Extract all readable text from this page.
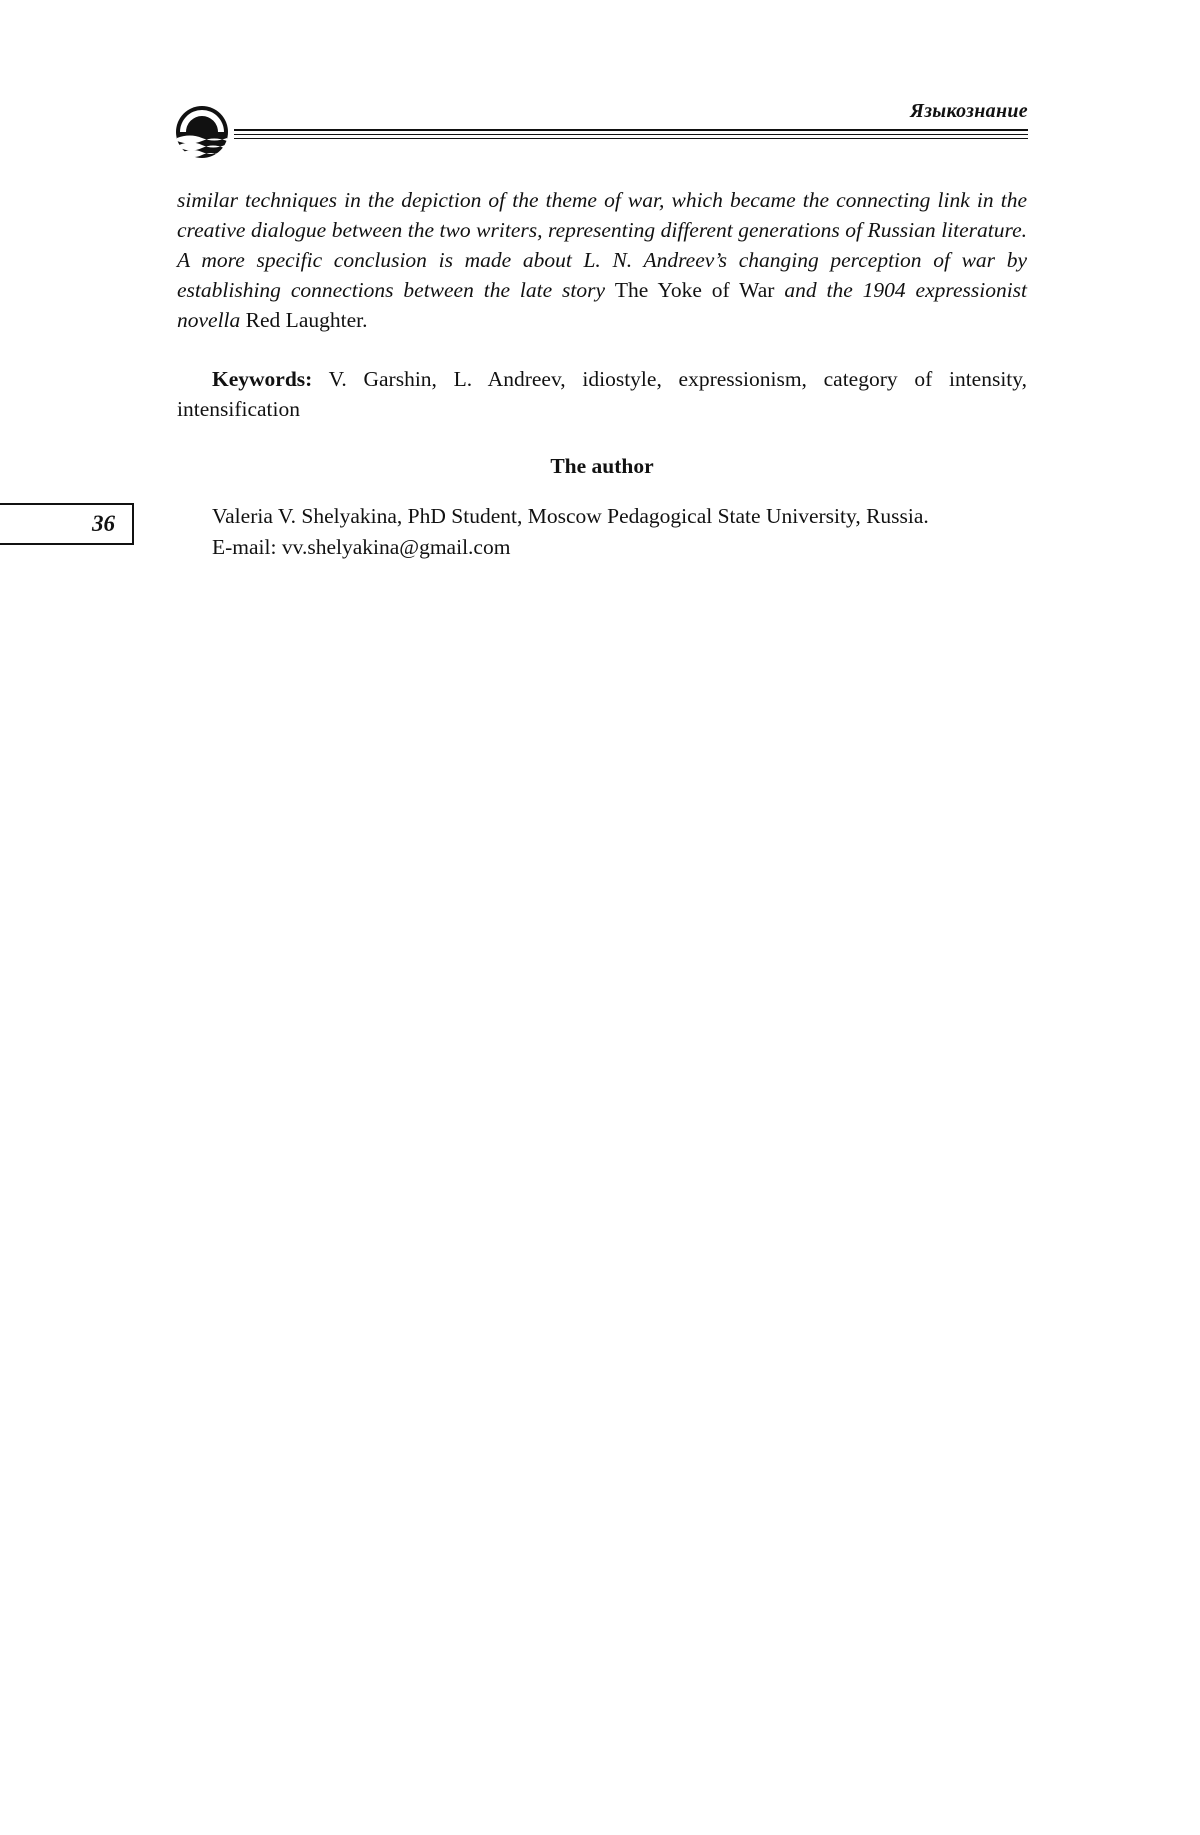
Языкознание

similar techniques in the depiction of the theme of war, which became the connecting link in the creative dialogue between the two writers, representing different generations of Russian literature. A more specific conclusion is made about L. N. Andreev’s changing perception of war by establishing connections between the late story The Yoke of War and the 1904 expressionist novella Red Laughter.

Keywords: V. Garshin, L. Andreev, idiostyle, expressionism, category of intensity, intensification

The author

36	Valeria V. Shelyakina, PhD Student, Moscow Pedagogical State University, Russia.
E-mail: vv.shelyakina@gmail.com
